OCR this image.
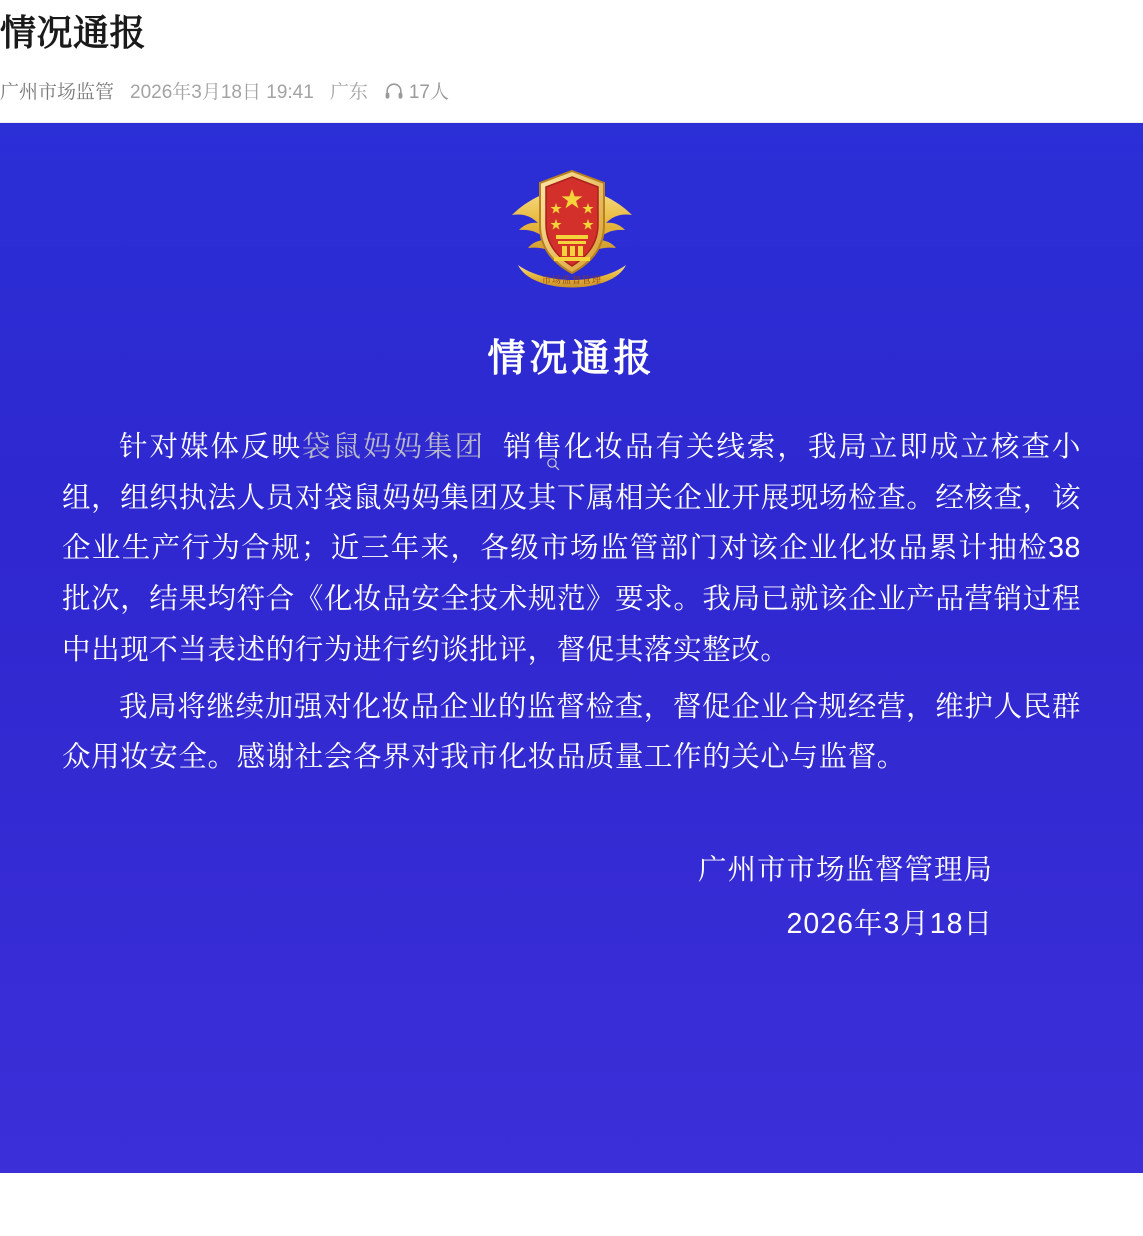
情况通报
广州市场监管 2026年3月18日 19:41 广东 17人
市场监督管理
情况通报

针对媒体反映袋鼠妈妈集团 销售化妆品有关线索，我局立即成立核查小组，组织执法人员对袋鼠妈妈集团及其下属相关企业开展现场检查。经核查，该企业生产行为合规；近三年来，各级市场监管部门对该企业化妆品累计抽检38批次，结果均符合《化妆品安全技术规范》要求。我局已就该企业产品营销过程中出现不当表述的行为进行约谈批评，督促其落实整改。

我局将继续加强对化妆品企业的监督检查，督促企业合规经营，维护人民群众用妆安全。感谢社会各界对我市化妆品质量工作的关心与监督。

广州市市场监督管理局
2026年3月18日
